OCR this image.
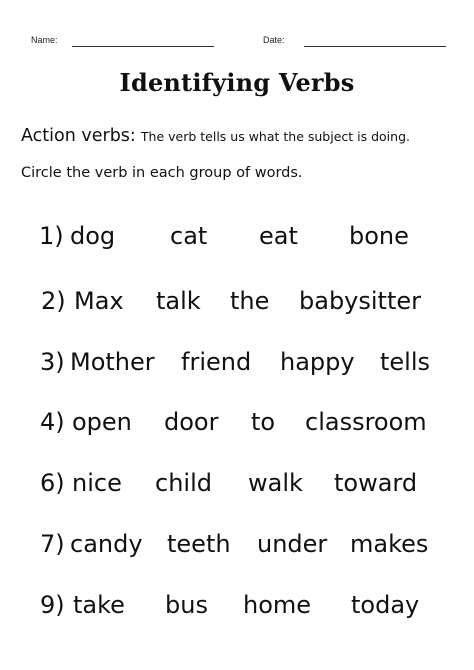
Name:	Date:
Identifying Verbs
Action verbs: The verb tells us what the subject is doing.
Circle the verb in each group of words.
1) dog cat eat bone
2) Max talk the babysitter
3) Mother friend happy tells
4) open door to classroom
6) nice child walk toward
7) candy teeth under makes
9) take bus home today
